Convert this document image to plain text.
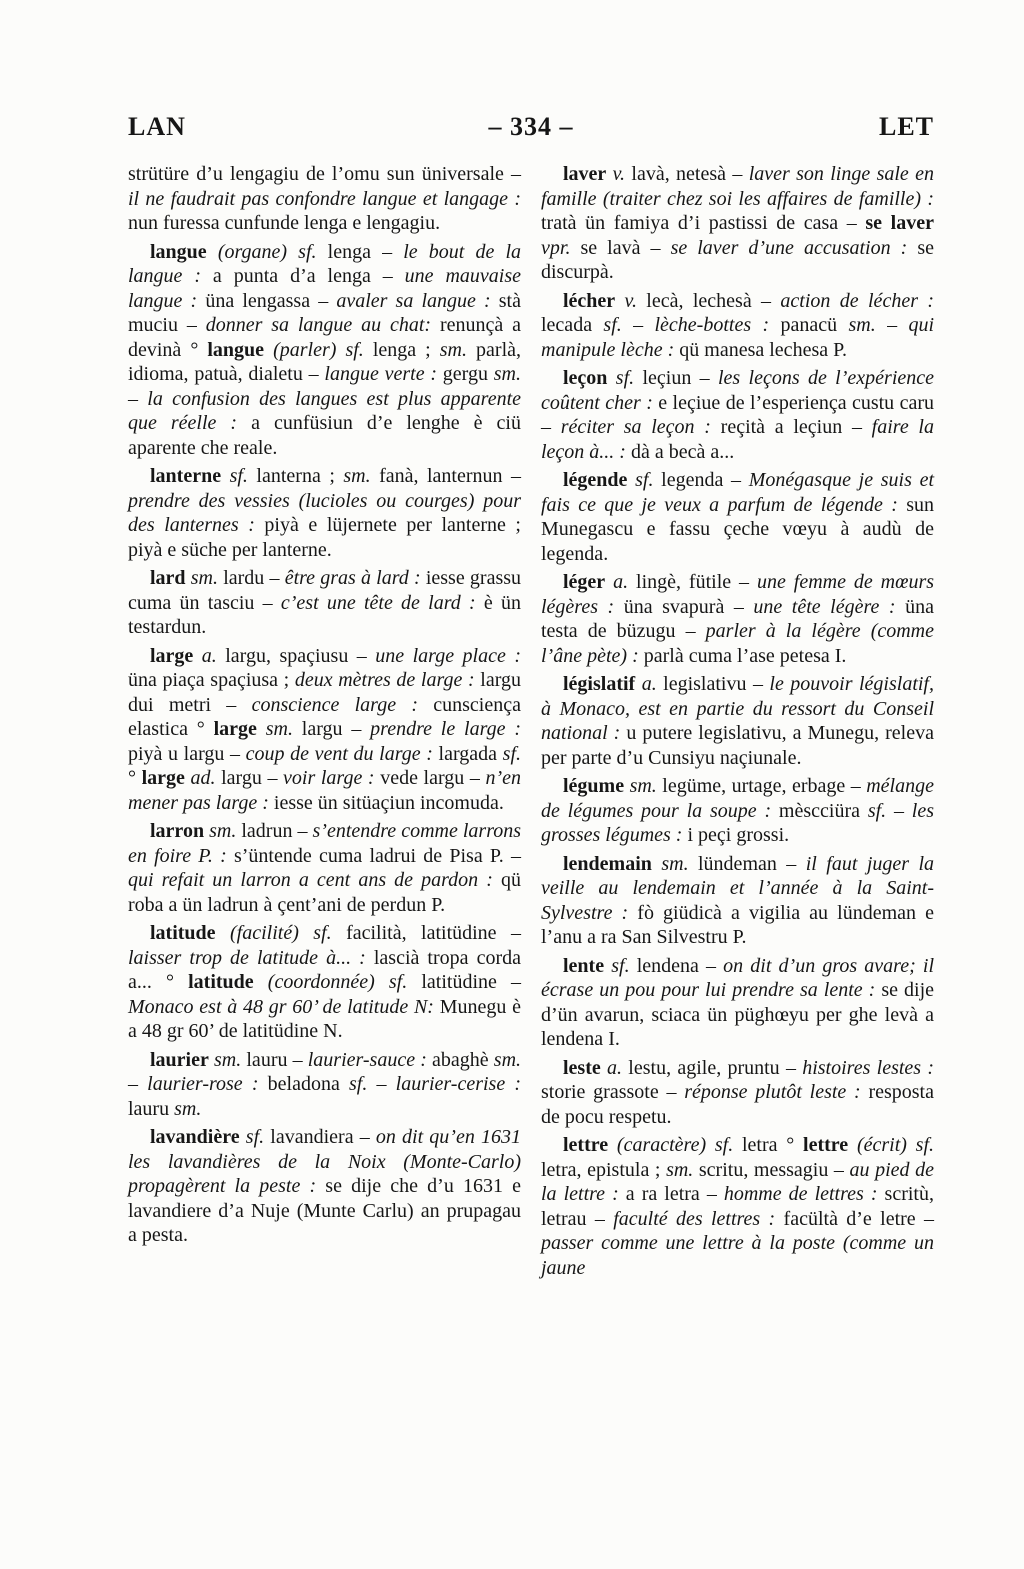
LAN	– 334 –	LET

strütüre d’u lengagiu de l’omu sun üniversale – il ne faudrait pas confondre langue et langage : nun furessa cunfunde lenga e lengagiu.

langue (organe) sf. lenga – le bout de la langue : a punta d’a lenga – une mauvaise langue : üna lengassa – avaler sa langue : stà muciu – donner sa langue au chat: renunçà a devinà ° langue (parler) sf. lenga ; sm. parlà, idioma, patuà, dialetu – langue verte : gergu sm. – la confusion des langues est plus apparente que réelle : a cunfüsiun d’e lenghe è ciü aparente che reale.

lanterne sf. lanterna ; sm. fanà, lanternun – prendre des vessies (lucioles ou courges) pour des lanternes : piyà e lüjernete per lanterne ; piyà e süche per lanterne.

lard sm. lardu – être gras à lard : iesse grassu cuma ün tasciu – c’est une tête de lard : è ün testardun.

large a. largu, spaçiusu – une large place : üna piaça spaçiusa ; deux mètres de large : largu dui metri – conscience large : cunsciença elastica ° large sm. largu – prendre le large : piyà u largu – coup de vent du large : largada sf. ° large ad. largu – voir large : vede largu – n’en mener pas large : iesse ün sitüaçiun incomuda.

larron sm. ladrun – s’entendre comme larrons en foire P. : s’üntende cuma ladrui de Pisa P. – qui refait un larron a cent ans de pardon : qü roba a ün ladrun à çent’ani de perdun P.

latitude (facilité) sf. facilità, latitüdine – laisser trop de latitude à... : lascià tropa corda a... ° latitude (coordonnée) sf. latitüdine – Monaco est à 48 gr 60’ de latitude N: Munegu è a 48 gr 60’ de latitüdine N.

laurier sm. lauru – laurier-sauce : abaghè sm. – laurier-rose : beladona sf. – laurier-cerise : lauru sm.

lavandière sf. lavandiera – on dit qu’en 1631 les lavandières de la Noix (Monte-Carlo) propagèrent la peste : se dije che d’u 1631 e lavandiere d’a Nuje (Munte Carlu) an prupagau a pesta.

laver v. lavà, netesà – laver son linge sale en famille (traiter chez soi les affaires de famille) : tratà ün famiya d’i pastissi de casa – se laver vpr. se lavà – se laver d’une accusation : se discurpà.

lécher v. lecà, lechesà – action de lécher : lecada sf. – lèche-bottes : panacü sm. – qui manipule lèche : qü manesa lechesa P.

leçon sf. leçiun – les leçons de l’expérience coûtent cher : e leçiue de l’esperiença custu caru – réciter sa leçon : reçità a leçiun – faire la leçon à... : dà a becà a...

légende sf. legenda – Monégasque je suis et fais ce que je veux a parfum de légende : sun Munegascu e fassu çeche vœyu à audù de legenda.

léger a. lingè, fütile – une femme de mœurs légères : üna svapurà – une tête légère : üna testa de büzugu – parler à la légère (comme l’âne pète) : parlà cuma l’ase petesa I.

législatif a. legislativu – le pouvoir législatif, à Monaco, est en partie du ressort du Conseil national : u putere legislativu, a Munegu, releva per parte d’u Cunsiyu naçiunale.

légume sm. legüme, urtage, erbage – mélange de légumes pour la soupe : mèscciüra sf. – les grosses légumes : i peçi grossi.

lendemain sm. lündeman – il faut juger la veille au lendemain et l’année à la Saint-Sylvestre : fò giüdicà a vigilia au lündeman e l’anu a ra San Silvestru P.

lente sf. lendena – on dit d’un gros avare; il écrase un pou pour lui prendre sa lente : se dije d’ün avarun, sciaca ün püghœyu per ghe levà a lendena I.

leste a. lestu, agile, pruntu – histoires lestes : storie grassote – réponse plutôt leste : resposta de pocu respetu.

lettre (caractère) sf. letra ° lettre (écrit) sf. letra, epistula ; sm. scritu, messagiu – au pied de la lettre : a ra letra – homme de lettres : scritù, letrau – faculté des lettres : facültà d’e letre – passer comme une lettre à la poste (comme un jaune
